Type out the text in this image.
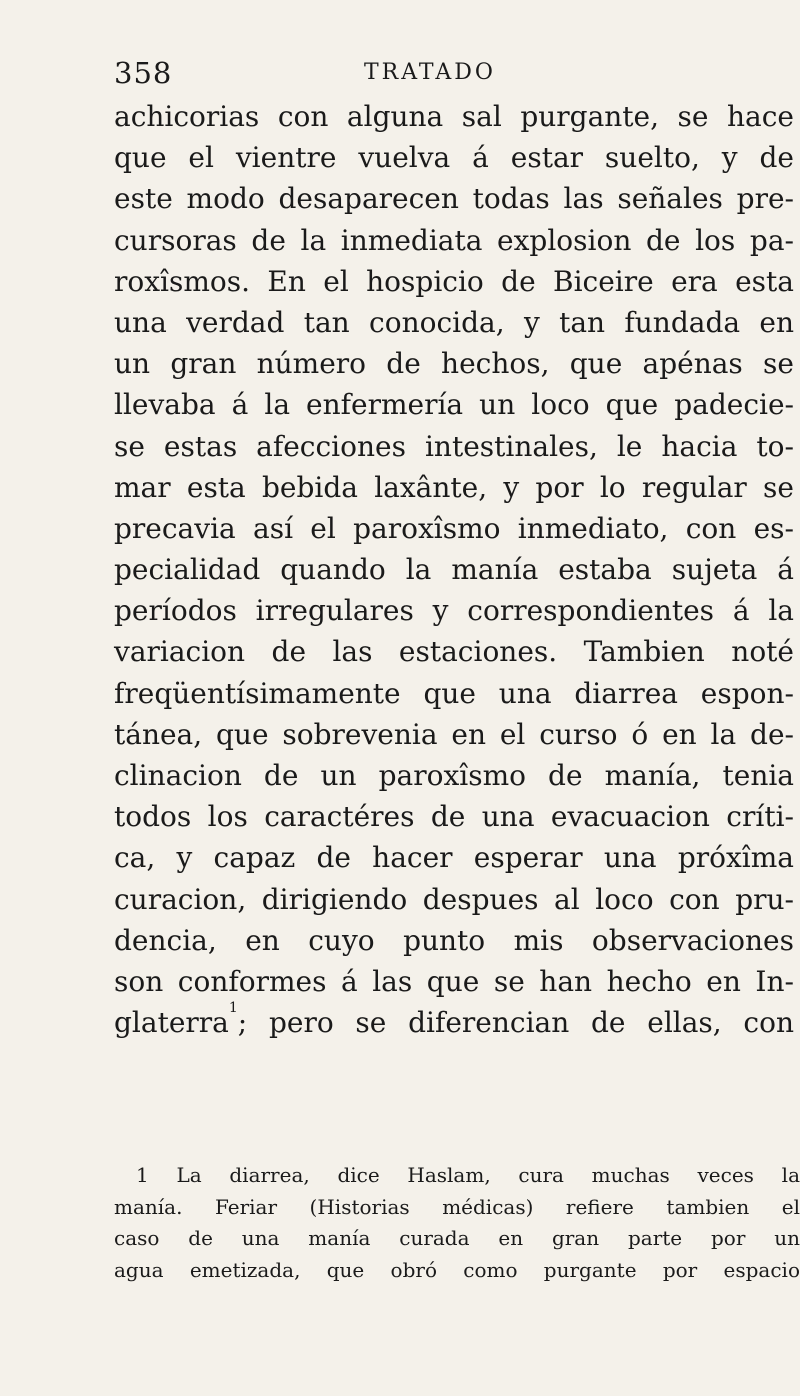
358	TRATADO
achicorias con alguna sal purgante, se hace
que el vientre vuelva á estar suelto, y de
este modo desaparecen todas las señales pre-
cursoras de la inmediata explosion de los pa-
roxîsmos. En el hospicio de Biceire era esta
una verdad tan conocida, y tan fundada en
un gran número de hechos, que apénas se
llevaba á la enfermería un loco que padecie-
se estas afecciones intestinales, le hacia to-
mar esta bebida laxânte, y por lo regular se
precavia así el paroxîsmo inmediato, con es-
pecialidad quando la manía estaba sujeta á
períodos irregulares y correspondientes á la
variacion de las estaciones. Tambien noté
freqüentísimamente que una diarrea espon-
tánea, que sobrevenia en el curso ó en la de-
clinacion de un paroxîsmo de manía, tenia
todos los caractéres de una evacuacion críti-
ca, y capaz de hacer esperar una próxîma
curacion, dirigiendo despues al loco con pru-
dencia, en cuyo punto mis observaciones
son conformes á las que se han hecho en In-
glaterra$^1$; pero se diferencian de ellas, con
1 La diarrea, dice Haslam, cura muchas veces la
manía. Feriar (Historias médicas) refiere tambien el
caso de una manía curada en gran parte por un
agua emetizada, que obró como purgante por espacio
